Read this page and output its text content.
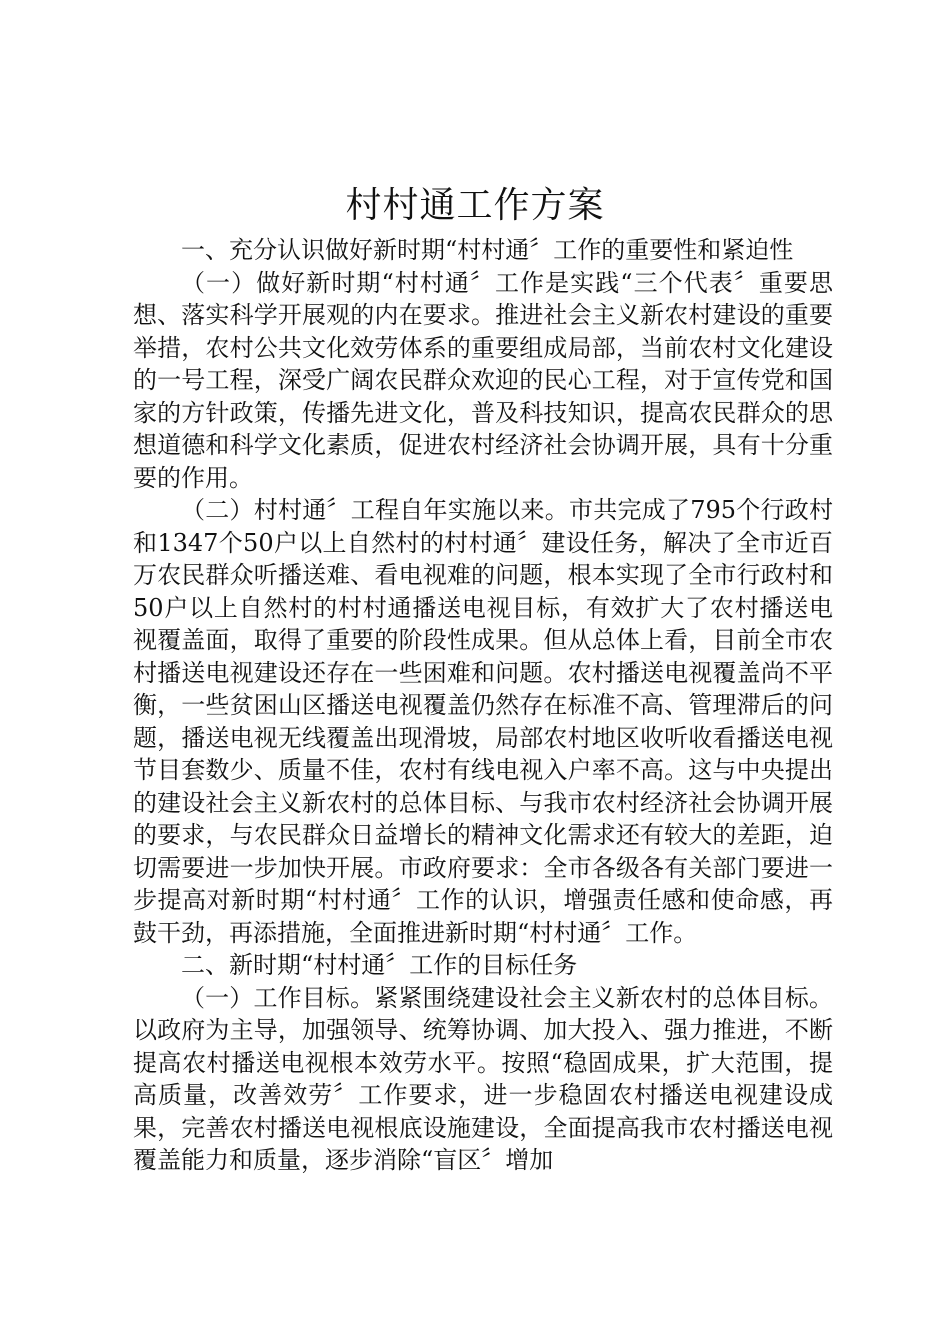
村村通工作方案

一、充分认识做好新时期“村村通〞工作的重要性和紧迫性

（一）做好新时期“村村通〞工作是实践“三个代表〞重要思想、落实科学开展观的内在要求。推进社会主义新农村建设的重要举措，农村公共文化效劳体系的重要组成局部，当前农村文化建设的一号工程，深受广阔农民群众欢迎的民心工程，对于宣传党和国家的方针政策，传播先进文化，普及科技知识，提高农民群众的思想道德和科学文化素质，促进农村经济社会协调开展，具有十分重要的作用。

（二）村村通〞工程自年实施以来。市共完成了795个行政村和1347个50户以上自然村的村村通〞建设任务，解决了全市近百万农民群众听播送难、看电视难的问题，根本实现了全市行政村和50户以上自然村的村村通播送电视目标，有效扩大了农村播送电视覆盖面，取得了重要的阶段性成果。但从总体上看，目前全市农村播送电视建设还存在一些困难和问题。农村播送电视覆盖尚不平衡，一些贫困山区播送电视覆盖仍然存在标准不高、管理滞后的问题，播送电视无线覆盖出现滑坡，局部农村地区收听收看播送电视节目套数少、质量不佳，农村有线电视入户率不高。这与中央提出的建设社会主义新农村的总体目标、与我市农村经济社会协调开展的要求，与农民群众日益增长的精神文化需求还有较大的差距，迫切需要进一步加快开展。市政府要求：全市各级各有关部门要进一步提高对新时期“村村通〞工作的认识，增强责任感和使命感，再鼓干劲，再添措施，全面推进新时期“村村通〞工作。

二、新时期“村村通〞工作的目标任务

（一）工作目标。紧紧围绕建设社会主义新农村的总体目标。以政府为主导，加强领导、统筹协调、加大投入、强力推进，不断提高农村播送电视根本效劳水平。按照“稳固成果，扩大范围，提高质量，改善效劳〞工作要求，进一步稳固农村播送电视建设成果，完善农村播送电视根底设施建设，全面提高我市农村播送电视覆盖能力和质量，逐步消除“盲区〞增加
